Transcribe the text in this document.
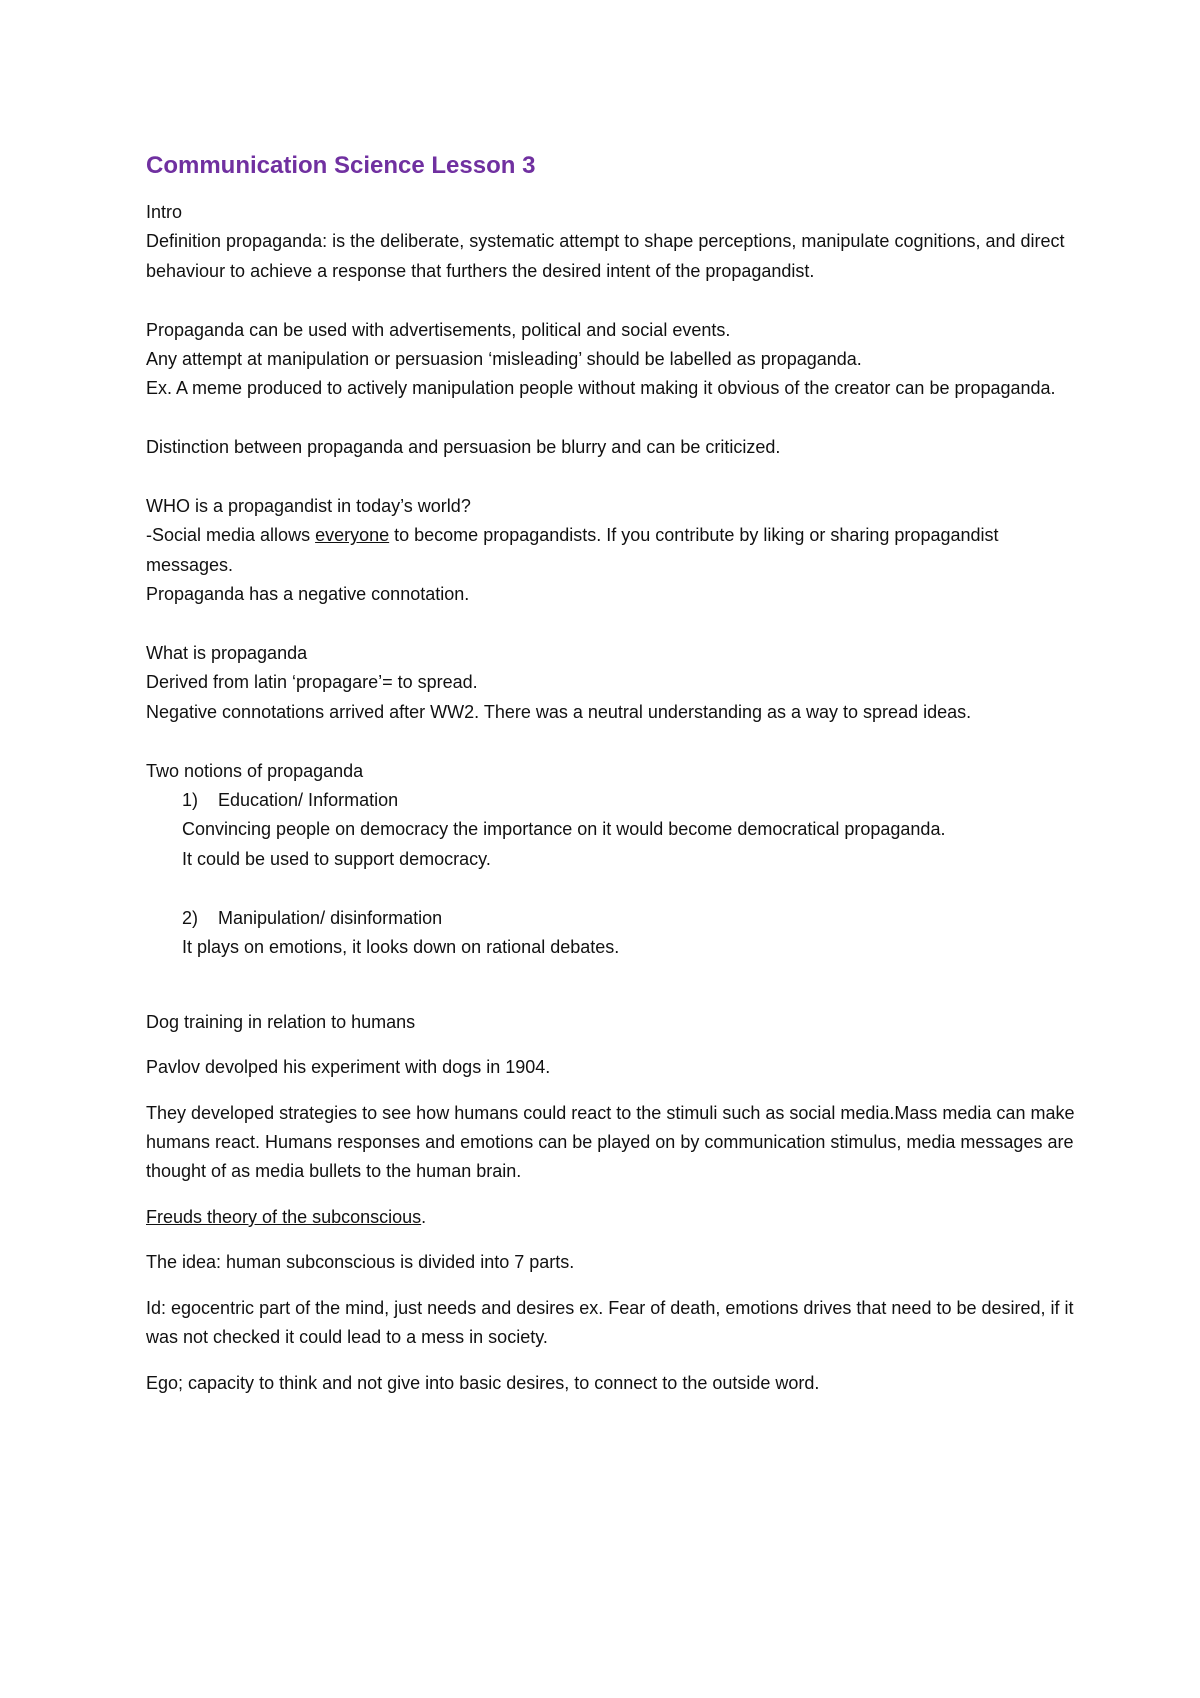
Communication Science Lesson 3

Intro

Definition propaganda: is the deliberate, systematic attempt to shape perceptions, manipulate cognitions, and direct behaviour to achieve a response that furthers the desired intent of the propagandist.

Propaganda can be used with advertisements, political and social events.

Any attempt at manipulation or persuasion ‘misleading’ should be labelled as propaganda.

Ex. A meme produced to actively manipulation people without making it obvious of the creator can be propaganda.

Distinction between propaganda and persuasion be blurry and can be criticized.

WHO is a propagandist in today’s world?

-Social media allows everyone to become propagandists. If you contribute by liking or sharing propagandist messages.

Propaganda has a negative connotation.

What is propaganda

Derived from latin ‘propagare’= to spread.

Negative connotations arrived after WW2. There was a neutral understanding as a way to spread ideas.

Two notions of propaganda

1)	Education/ Information

Convincing people on democracy the importance on it would become democratical propaganda.

It could be used to support democracy.

2)	Manipulation/ disinformation

It plays on emotions, it looks down on rational debates.

Dog training in relation to humans

Pavlov devolped his experiment with dogs in 1904.

They developed strategies to see how humans could react to the stimuli such as social media.Mass media can make humans react. Humans responses and emotions can be played on by communication stimulus, media messages are thought of as media bullets to the human brain.

Freuds theory of the subconscious.

The idea: human subconscious is divided into 7 parts.

Id: egocentric part of the mind, just needs and desires ex. Fear of death, emotions drives that need to be desired, if it was not checked it could lead to a mess in society.

Ego; capacity to think and not give into basic desires, to connect to the outside word.
